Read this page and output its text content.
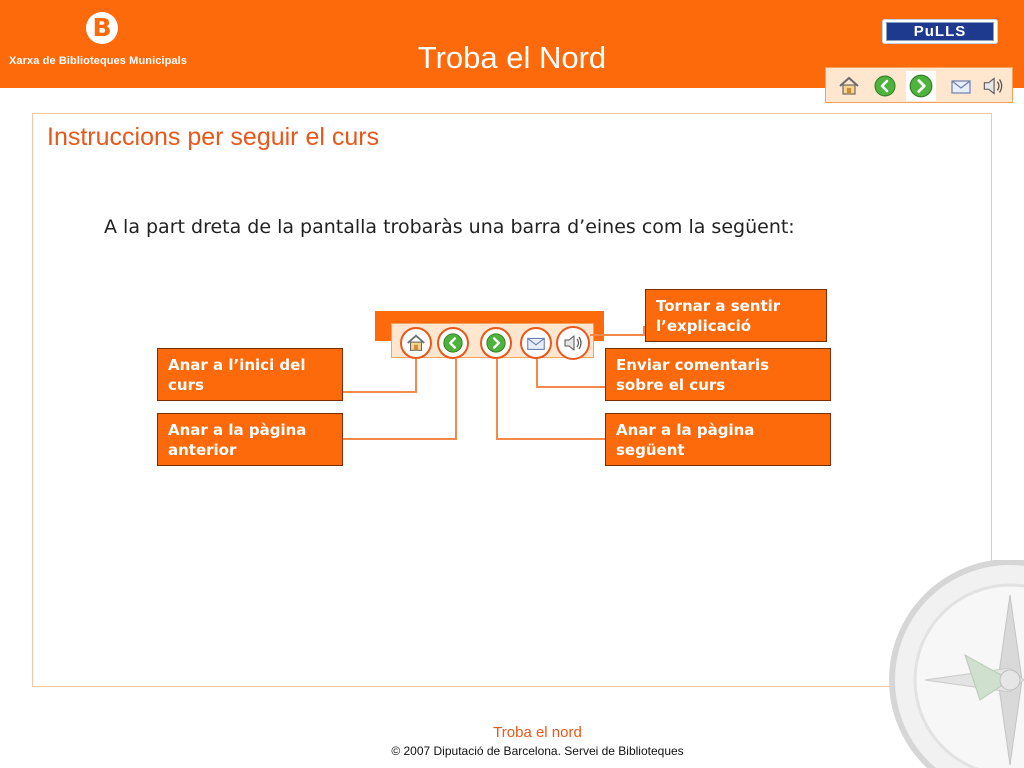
B
Xarxa de Biblioteques Municipals	Troba el Nord
PuLLS
Instruccions per seguir el curs
A la part dreta de la pantalla trobaràs una barra d’eines com la següent:
Anar a l’inici del curs
Anar a la pàgina anterior
Tornar a sentir l’explicació
Enviar comentaris sobre el curs
Anar a la pàgina següent
Troba el nord
© 2007 Diputació de Barcelona. Servei de Biblioteques
